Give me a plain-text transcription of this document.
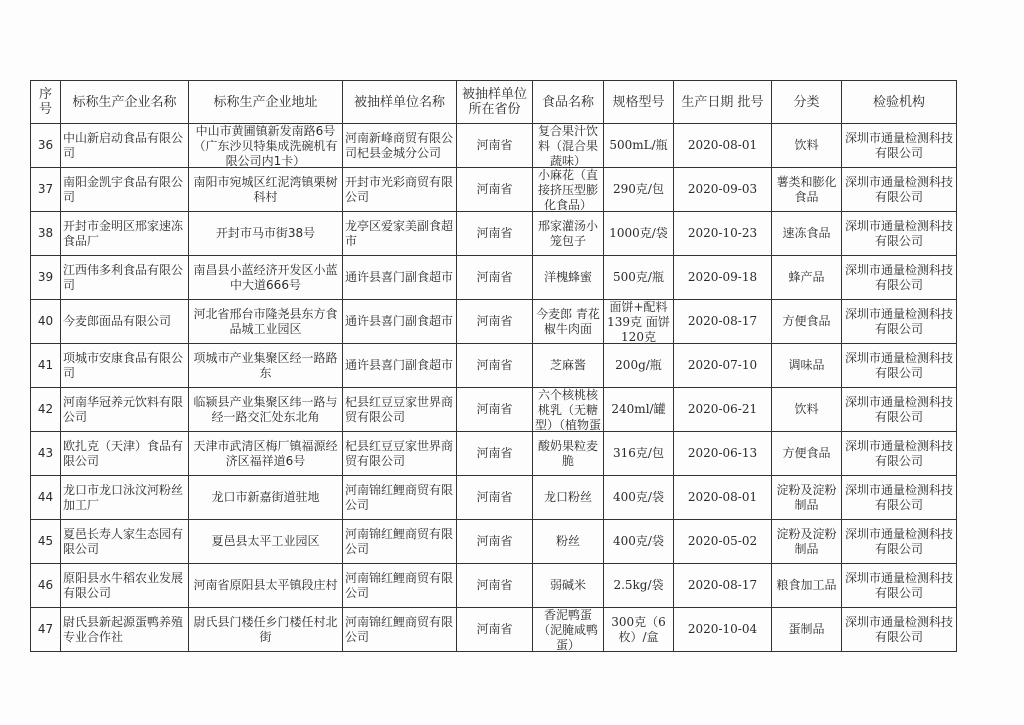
序号	标称生产企业名称	标称生产企业地址	被抽样单位名称	被抽样单位所在省份	食品名称	规格型号	生产日期 批号	分类	检验机构

36	中山新启动食品有限公司	中山市黄圃镇新发南路6号（广东沙贝特集成洗碗机有限公司内1卡）	河南新峰商贸有限公司杞县金城分公司	河南省	复合果汁饮料（混合果蔬味）	500mL/瓶	2020-08-01	饮料	深圳市通量检测科技有限公司

37	南阳金凯宇食品有限公司	南阳市宛城区红泥湾镇栗树科村	开封市光彩商贸有限公司	河南省	小麻花（直接挤压型膨化食品）	290克/包	2020-09-03	薯类和膨化食品	深圳市通量检测科技有限公司

38	开封市金明区邢家速冻食品厂	开封市马市街38号	龙亭区爱家美副食超市	河南省	邢家灌汤小笼包子	1000克/袋	2020-10-23	速冻食品	深圳市通量检测科技有限公司

39	江西伟多利食品有限公司	南昌县小蓝经济开发区小蓝中大道666号	通许县喜门副食超市	河南省	洋槐蜂蜜	500克/瓶	2020-09-18	蜂产品	深圳市通量检测科技有限公司

40	今麦郎面品有限公司	河北省邢台市隆尧县东方食品城工业园区	通许县喜门副食超市	河南省	今麦郎 青花椒牛肉面	面饼+配料139克 面饼120克	2020-08-17	方便食品	深圳市通量检测科技有限公司

41	项城市安康食品有限公司	项城市产业集聚区经一路路东	通许县喜门副食超市	河南省	芝麻酱	200g/瓶	2020-07-10	调味品	深圳市通量检测科技有限公司

42	河南华冠养元饮料有限公司	临颍县产业集聚区纬一路与经一路交汇处东北角	杞县红豆豆家世界商贸有限公司	河南省	六个核桃核桃乳（无糖型）（植物蛋	240ml/罐	2020-06-21	饮料	深圳市通量检测科技有限公司

43	欧扎克（天津）食品有限公司	天津市武清区梅厂镇福源经济区福祥道6号	杞县红豆豆家世界商贸有限公司	河南省	酸奶果粒麦脆	316克/包	2020-06-13	方便食品	深圳市通量检测科技有限公司

44	龙口市龙口泳汶河粉丝加工厂	龙口市新嘉街道驻地	河南锦红鲤商贸有限公司	河南省	龙口粉丝	400克/袋	2020-08-01	淀粉及淀粉制品	深圳市通量检测科技有限公司

45	夏邑长寿人家生态园有限公司	夏邑县太平工业园区	河南锦红鲤商贸有限公司	河南省	粉丝	400克/袋	2020-05-02	淀粉及淀粉制品	深圳市通量检测科技有限公司

46	原阳县水牛稻农业发展有限公司	河南省原阳县太平镇段庄村	河南锦红鲤商贸有限公司	河南省	弱碱米	2.5kg/袋	2020-08-17	粮食加工品	深圳市通量检测科技有限公司

47	尉氏县新起源蛋鸭养殖专业合作社	尉氏县门楼任乡门楼任村北街	河南锦红鲤商贸有限公司	河南省	香泥鸭蛋（泥腌咸鸭蛋）	300克（6枚）/盒	2020-10-04	蛋制品	深圳市通量检测科技有限公司
